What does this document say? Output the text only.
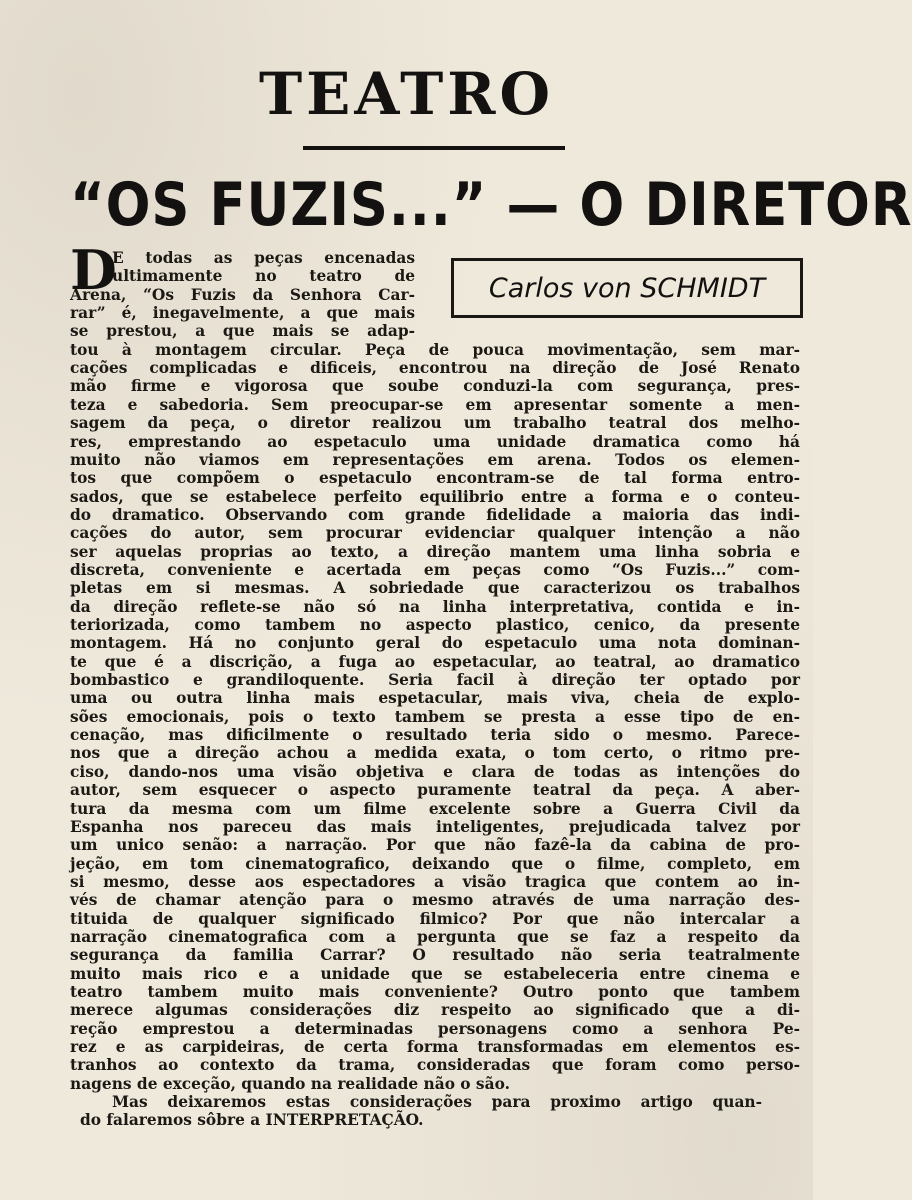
TEATRO
“OS FUZIS...” — O DIRETOR
Carlos von SCHMIDT
D
E todas as peças encenadas
ultimamente no teatro de
Arena, “Os Fuzis da Senhora Car-
rar” é, inegavelmente, a que mais
se prestou, a que mais se adap-
tou à montagem circular. Peça de pouca movimentação, sem mar-
cações complicadas e dificeis, encontrou na direção de José Renato
mão firme e vigorosa que soube conduzi-la com segurança, pres-
teza e sabedoria. Sem preocupar-se em apresentar somente a men-
sagem da peça, o diretor realizou um trabalho teatral dos melho-
res, emprestando ao espetaculo uma unidade dramatica como há
muito não viamos em representações em arena. Todos os elemen-
tos que compõem o espetaculo encontram-se de tal forma entro-
sados, que se estabelece perfeito equilibrio entre a forma e o conteu-
do dramatico. Observando com grande fidelidade a maioria das indi-
cações do autor, sem procurar evidenciar qualquer intenção a não
ser aquelas proprias ao texto, a direção mantem uma linha sobria e
discreta, conveniente e acertada em peças como “Os Fuzis...” com-
pletas em si mesmas. A sobriedade que caracterizou os trabalhos
da direção reflete-se não só na linha interpretativa, contida e in-
teriorizada, como tambem no aspecto plastico, cenico, da presente
montagem. Há no conjunto geral do espetaculo uma nota dominan-
te que é a discrição, a fuga ao espetacular, ao teatral, ao dramatico
bombastico e grandiloquente. Seria facil à direção ter optado por
uma ou outra linha mais espetacular, mais viva, cheia de explo-
sões emocionais, pois o texto tambem se presta a esse tipo de en-
cenação, mas dificilmente o resultado teria sido o mesmo. Parece-
nos que a direção achou a medida exata, o tom certo, o ritmo pre-
ciso, dando-nos uma visão objetiva e clara de todas as intenções do
autor, sem esquecer o aspecto puramente teatral da peça. A aber-
tura da mesma com um filme excelente sobre a Guerra Civil da
Espanha nos pareceu das mais inteligentes, prejudicada talvez por
um unico senão: a narração. Por que não fazê-la da cabina de pro-
jeção, em tom cinematografico, deixando que o filme, completo, em
si mesmo, desse aos espectadores a visão tragica que contem ao in-
vés de chamar atenção para o mesmo através de uma narração des-
tituida de qualquer significado filmico? Por que não intercalar a
narração cinematografica com a pergunta que se faz a respeito da
segurança da familia Carrar? O resultado não seria teatralmente
muito mais rico e a unidade que se estabeleceria entre cinema e
teatro tambem muito mais conveniente? Outro ponto que tambem
merece algumas considerações diz respeito ao significado que a di-
reção emprestou a determinadas personagens como a senhora Pe-
rez e as carpideiras, de certa forma transformadas em elementos es-
tranhos ao contexto da trama, consideradas que foram como perso-
nagens de exceção, quando na realidade não o são.
Mas deixaremos estas considerações para proximo artigo quan-
do falaremos sôbre a INTERPRETAÇÃO.
